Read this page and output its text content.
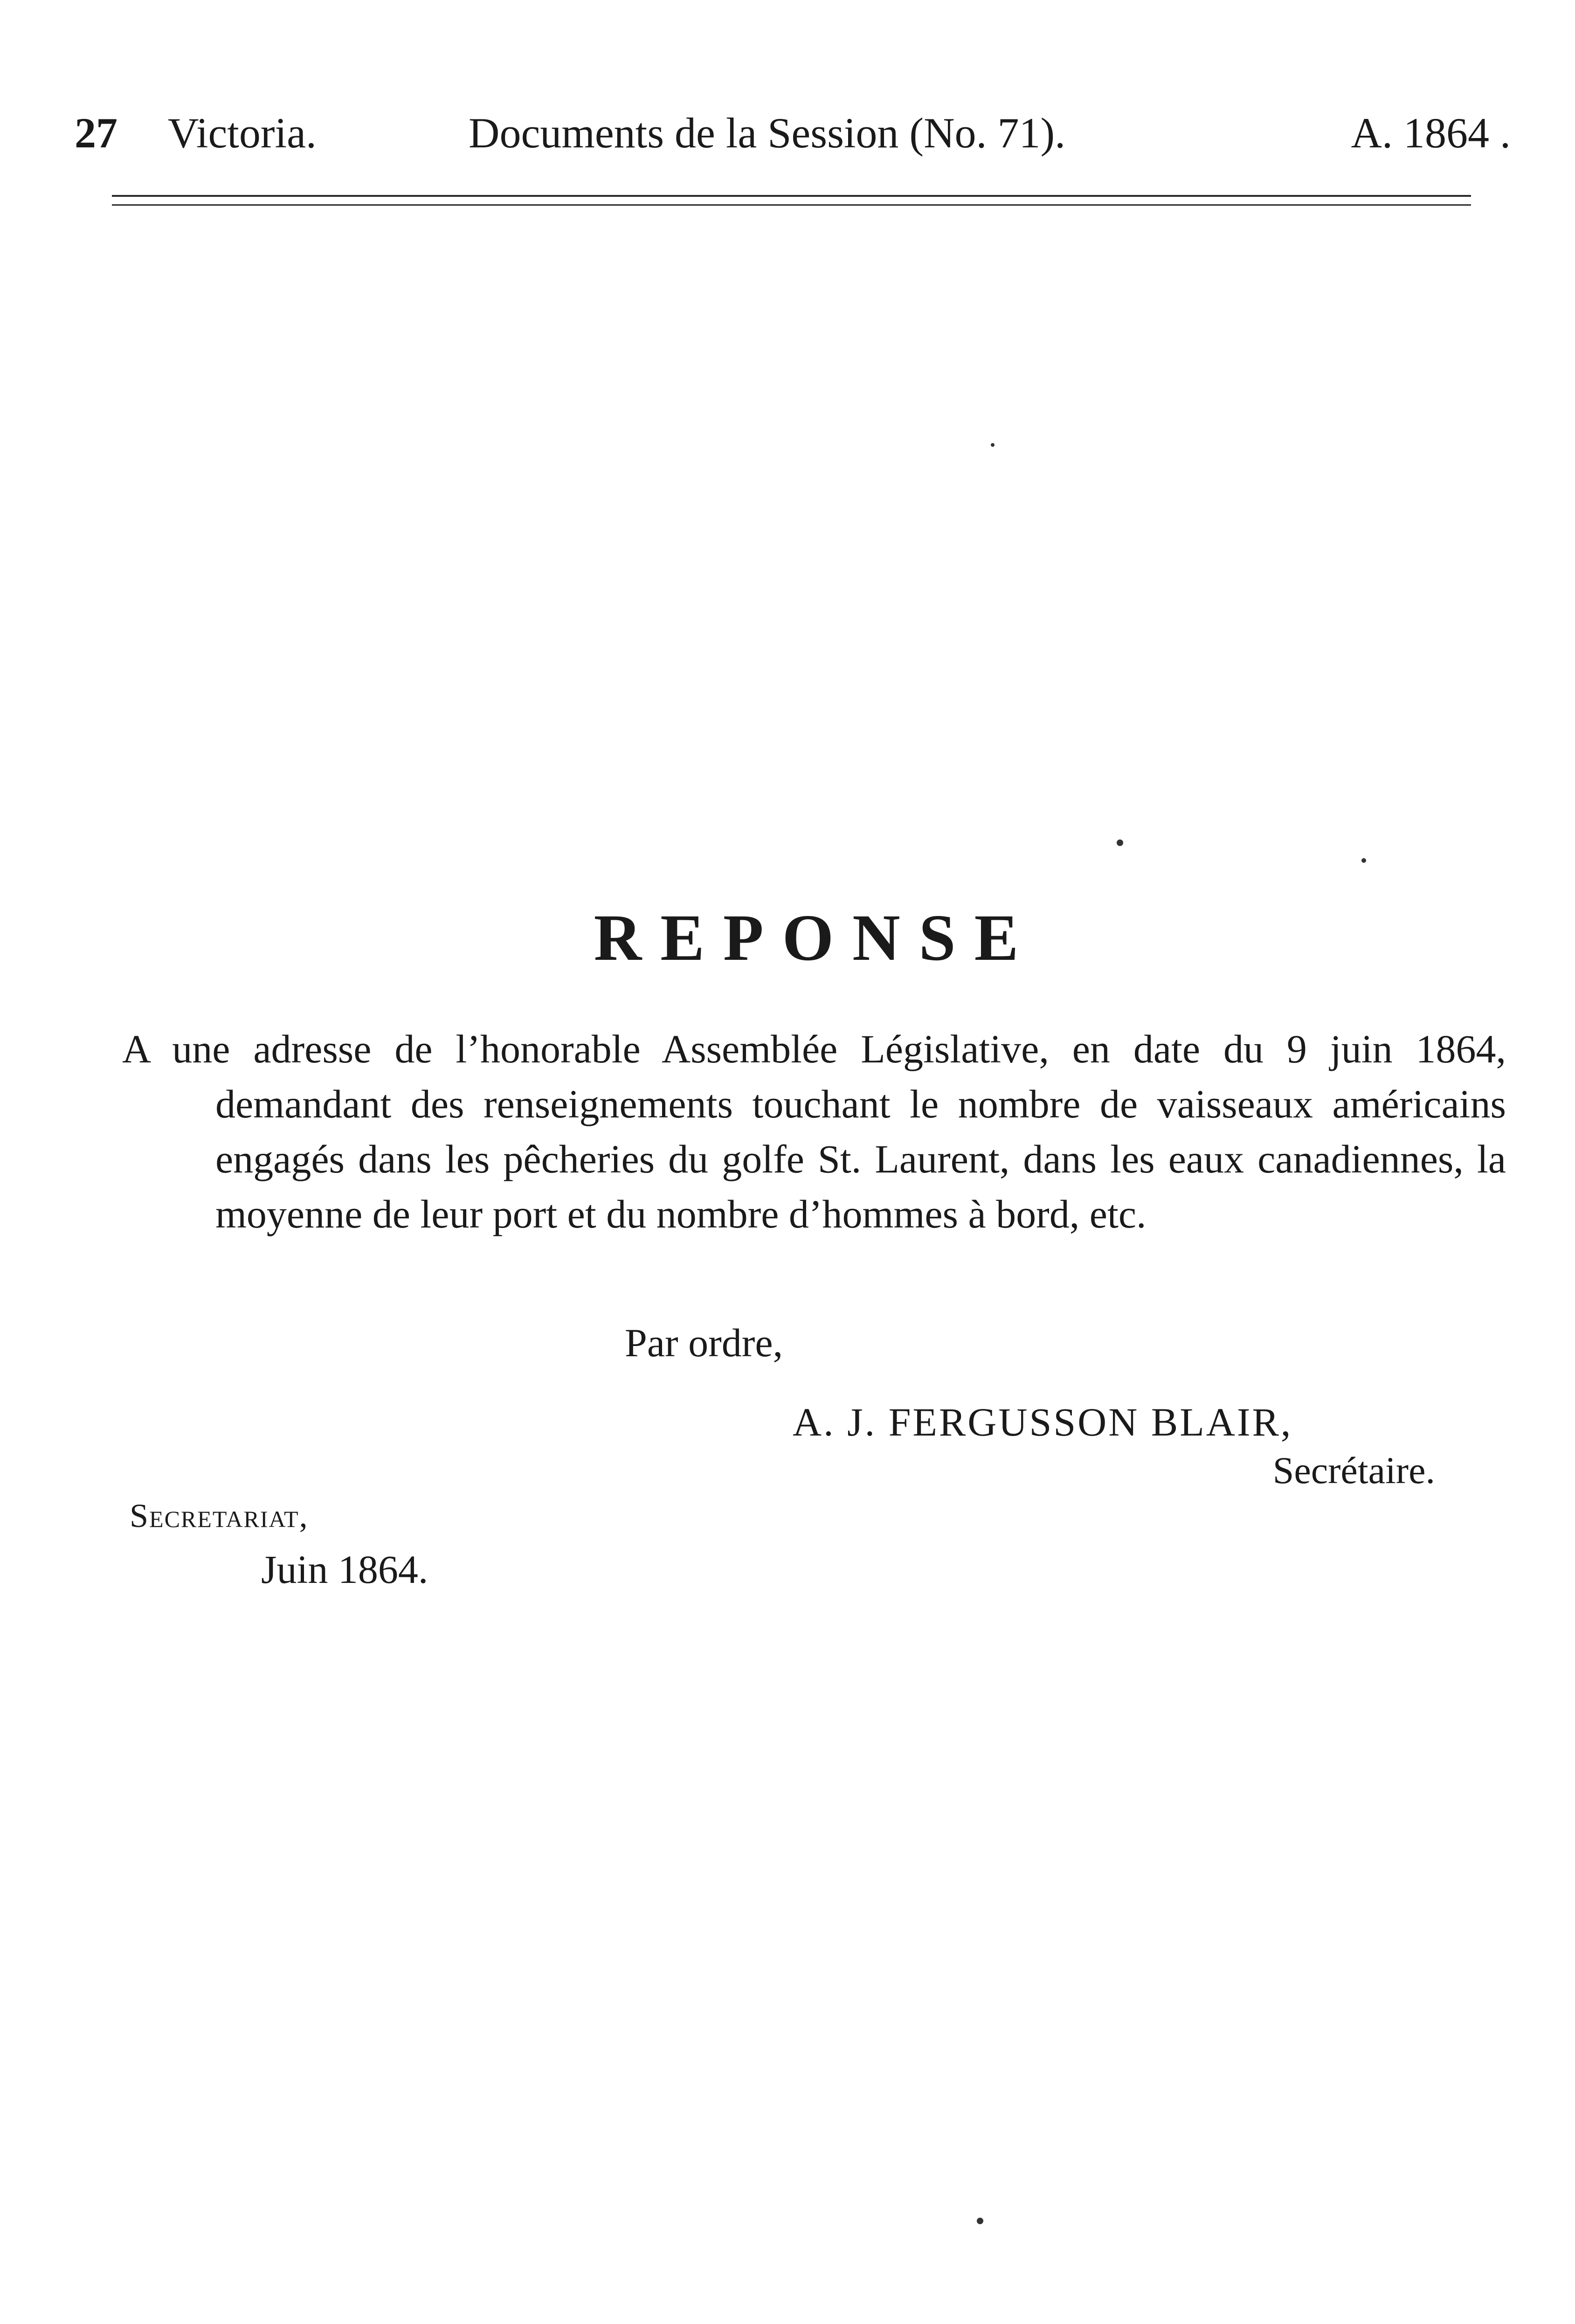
27 Victoria.	Documents de la Session (No. 71).	A. 1864 .
REPONSE
A une adresse de l’honorable Assemblée Législative, en date du 9 juin 1864, demandant des renseignements touchant le nombre de vaisseaux américains engagés dans les pêcheries du golfe St. Laurent, dans les eaux canadiennes, la moyenne de leur port et du nombre d’hommes à bord, etc.
Par ordre,
A. J. FERGUSSON BLAIR,
Secrétaire.
Secretariat,
Juin 1864.
